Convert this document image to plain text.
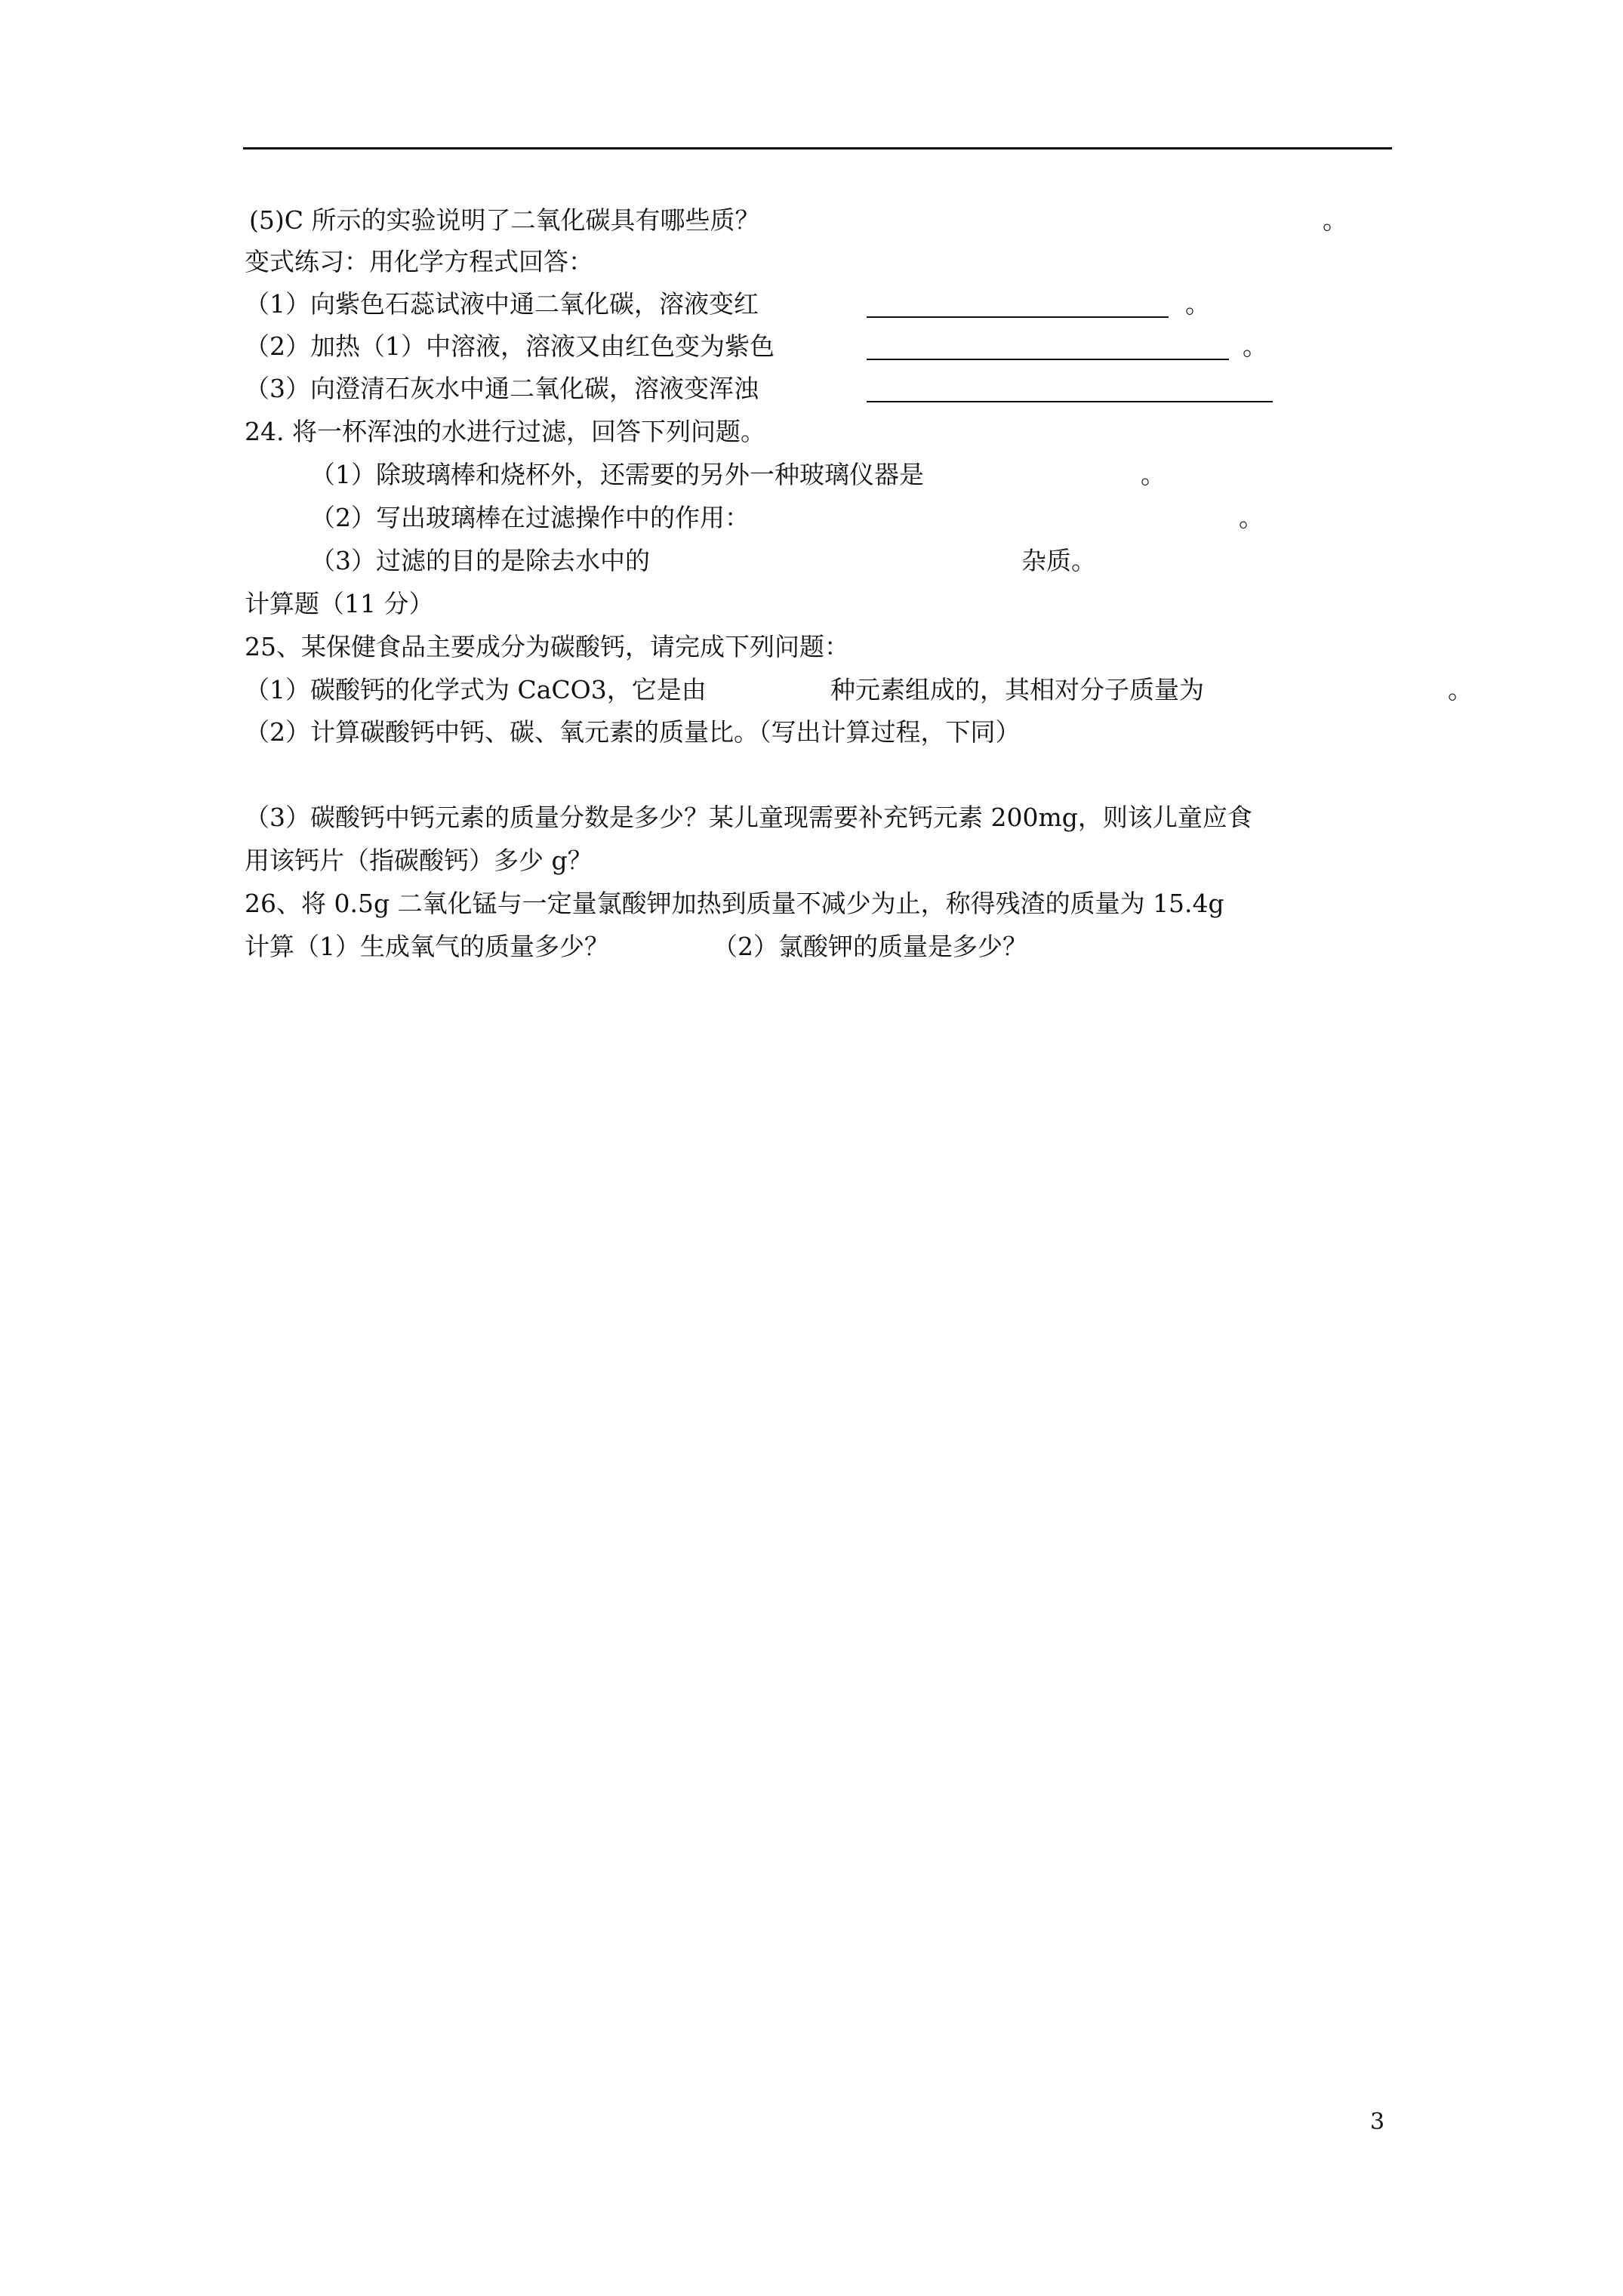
(5)C 所示的实验说明了二氧化碳具有哪些质？	。
变式练习：用化学方程式回答：
（1）向紫色石蕊试液中通二氧化碳，溶液变红	。
（2）加热（1）中溶液，溶液又由红色变为紫色	。
（3）向澄清石灰水中通二氧化碳，溶液变浑浊
24. 将一杯浑浊的水进行过滤，回答下列问题。
（1）除玻璃棒和烧杯外，还需要的另外一种玻璃仪器是	。
（2）写出玻璃棒在过滤操作中的作用：	。
（3）过滤的目的是除去水中的	杂质。
计算题（11 分）
25、某保健食品主要成分为碳酸钙，请完成下列问题：
（1）碳酸钙的化学式为 CaCO3，它是由	种元素组成的，其相对分子质量为	。
（2）计算碳酸钙中钙、碳、氧元素的质量比。（写出计算过程，下同）
（3）碳酸钙中钙元素的质量分数是多少？某儿童现需要补充钙元素 200mg，则该儿童应食
用该钙片（指碳酸钙）多少 g？
26、将 0.5g 二氧化锰与一定量氯酸钾加热到质量不减少为止，称得残渣的质量为 15.4g
计算（1）生成氧气的质量多少？	（2）氯酸钾的质量是多少？
3
